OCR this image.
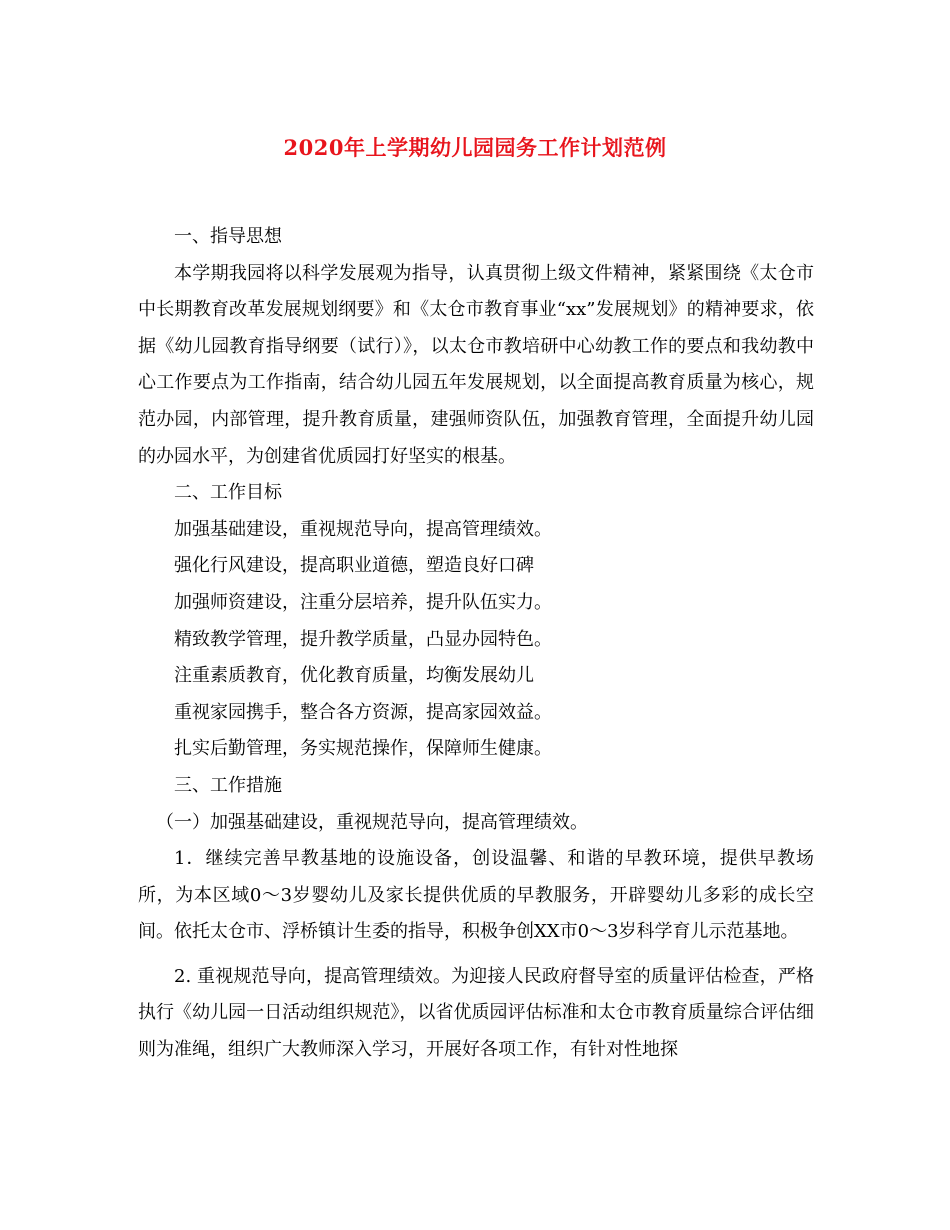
2020年上学期幼儿园园务工作计划范例

一、指导思想

本学期我园将以科学发展观为指导，认真贯彻上级文件精神，紧紧围绕《太仓市中长期教育改革发展规划纲要》和《太仓市教育事业“xx”发展规划》的精神要求，依据《幼儿园教育指导纲要（试行）》，以太仓市教培研中心幼教工作的要点和我幼教中心工作要点为工作指南，结合幼儿园五年发展规划，以全面提高教育质量为核心，规范办园，内部管理，提升教育质量，建强师资队伍，加强教育管理，全面提升幼儿园的办园水平，为创建省优质园打好坚实的根基。

二、工作目标

加强基础建设，重视规范导向，提高管理绩效。

强化行风建设，提高职业道德，塑造良好口碑

加强师资建设，注重分层培养，提升队伍实力。

精致教学管理，提升教学质量，凸显办园特色。

注重素质教育，优化教育质量，均衡发展幼儿

重视家园携手，整合各方资源，提高家园效益。

扎实后勤管理，务实规范操作，保障师生健康。

三、工作措施

（一）加强基础建设，重视规范导向，提高管理绩效。

1．继续完善早教基地的设施设备，创设温馨、和谐的早教环境，提供早教场所，为本区域0～3岁婴幼儿及家长提供优质的早教服务，开辟婴幼儿多彩的成长空间。依托太仓市、浮桥镇计生委的指导，积极争创XX市0～3岁科学育儿示范基地。

2. 重视规范导向，提高管理绩效。为迎接人民政府督导室的质量评估检查，严格执行《幼儿园一日活动组织规范》，以省优质园评估标准和太仓市教育质量综合评估细则为准绳，组织广大教师深入学习，开展好各项工作，有针对性地探
